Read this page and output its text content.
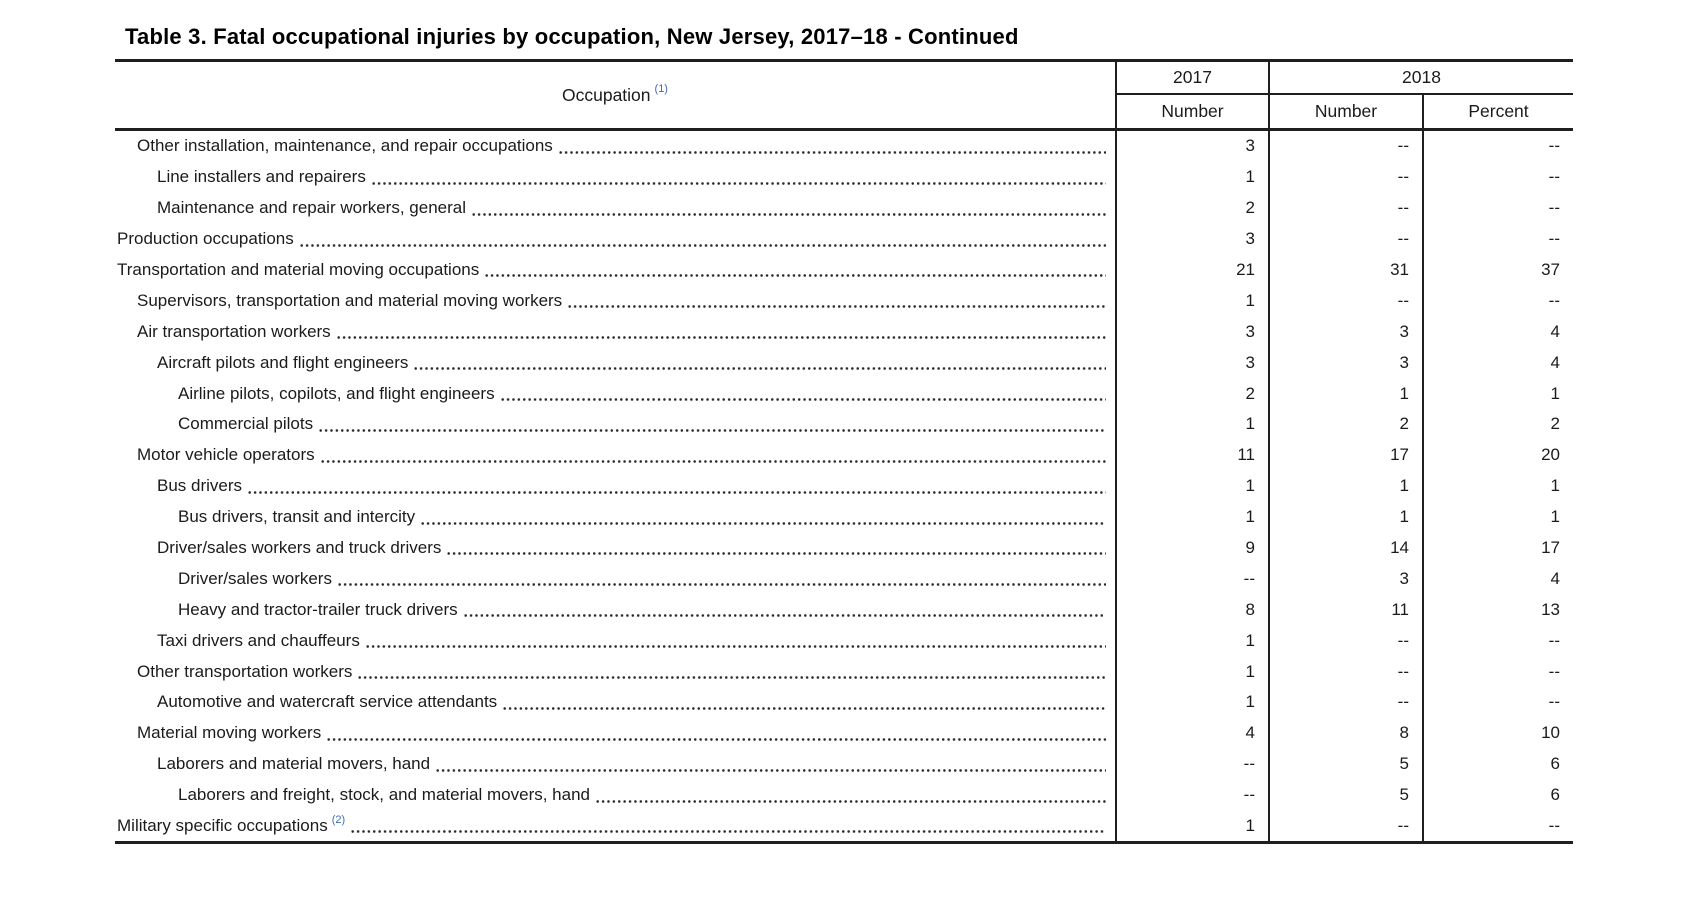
Table 3. Fatal occupational injuries by occupation, New Jersey, 2017–18 - Continued
Occupation $^{(1)}$
2017	2018
Number	Number	Percent
Other installation, maintenance, and repair occupations	3	--	--
Line installers and repairers	1	--	--
Maintenance and repair workers, general	2	--	--
Production occupations	3	--	--
Transportation and material moving occupations	21	31	37
Supervisors, transportation and material moving workers	1	--	--
Air transportation workers	3	3	4
Aircraft pilots and flight engineers	3	3	4
Airline pilots, copilots, and flight engineers	2	1	1
Commercial pilots	1	2	2
Motor vehicle operators	11	17	20
Bus drivers	1	1	1
Bus drivers, transit and intercity	1	1	1
Driver/sales workers and truck drivers	9	14	17
Driver/sales workers	--	3	4
Heavy and tractor-trailer truck drivers	8	11	13
Taxi drivers and chauffeurs	1	--	--
Other transportation workers	1	--	--
Automotive and watercraft service attendants	1	--	--
Material moving workers	4	8	10
Laborers and material movers, hand	--	5	6
Laborers and freight, stock, and material movers, hand	--	5	6
Military specific occupations $^{(2)}$	1	--	--
